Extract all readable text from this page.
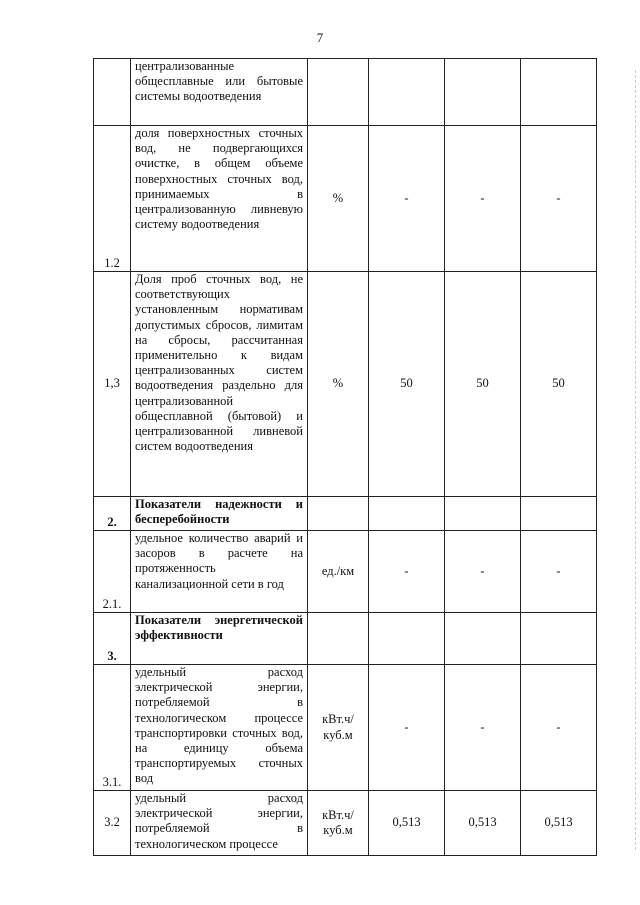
7
	централизованные общесплавные или бытовые системы водоотведения				
1.2	доля поверхностных сточных вод, не подвергающихся очистке, в общем объеме поверхностных сточных вод, принимаемых в централизованную ливневую систему водоотведения	%	-	-	-
1,3	Доля проб сточных вод, не соответствующих установленным нормативам допустимых сбросов, лимитам на сбросы, рассчитанная применительно к видам централизованных систем водоотведения раздельно для централизованной общесплавной (бытовой) и централизованной ливневой систем водоотведения	%	50	50	50
2.	Показатели надежности и бесперебойности				
2.1.	удельное количество аварий и засоров в расчете на протяженность канализационной сети в год	ед./км	-	-	-
3.	Показатели энергетической эффективности				
3.1.	удельный расход электрической энергии, потребляемой в технологическом процессе транспортировки сточных вод, на единицу объема транспортируемых сточных вод	кВт.ч/куб.м	-	-	-
3.2	удельный расход электрической энергии, потребляемой в технологическом процессе	кВт.ч/куб.м	0,513	0,513	0,513
